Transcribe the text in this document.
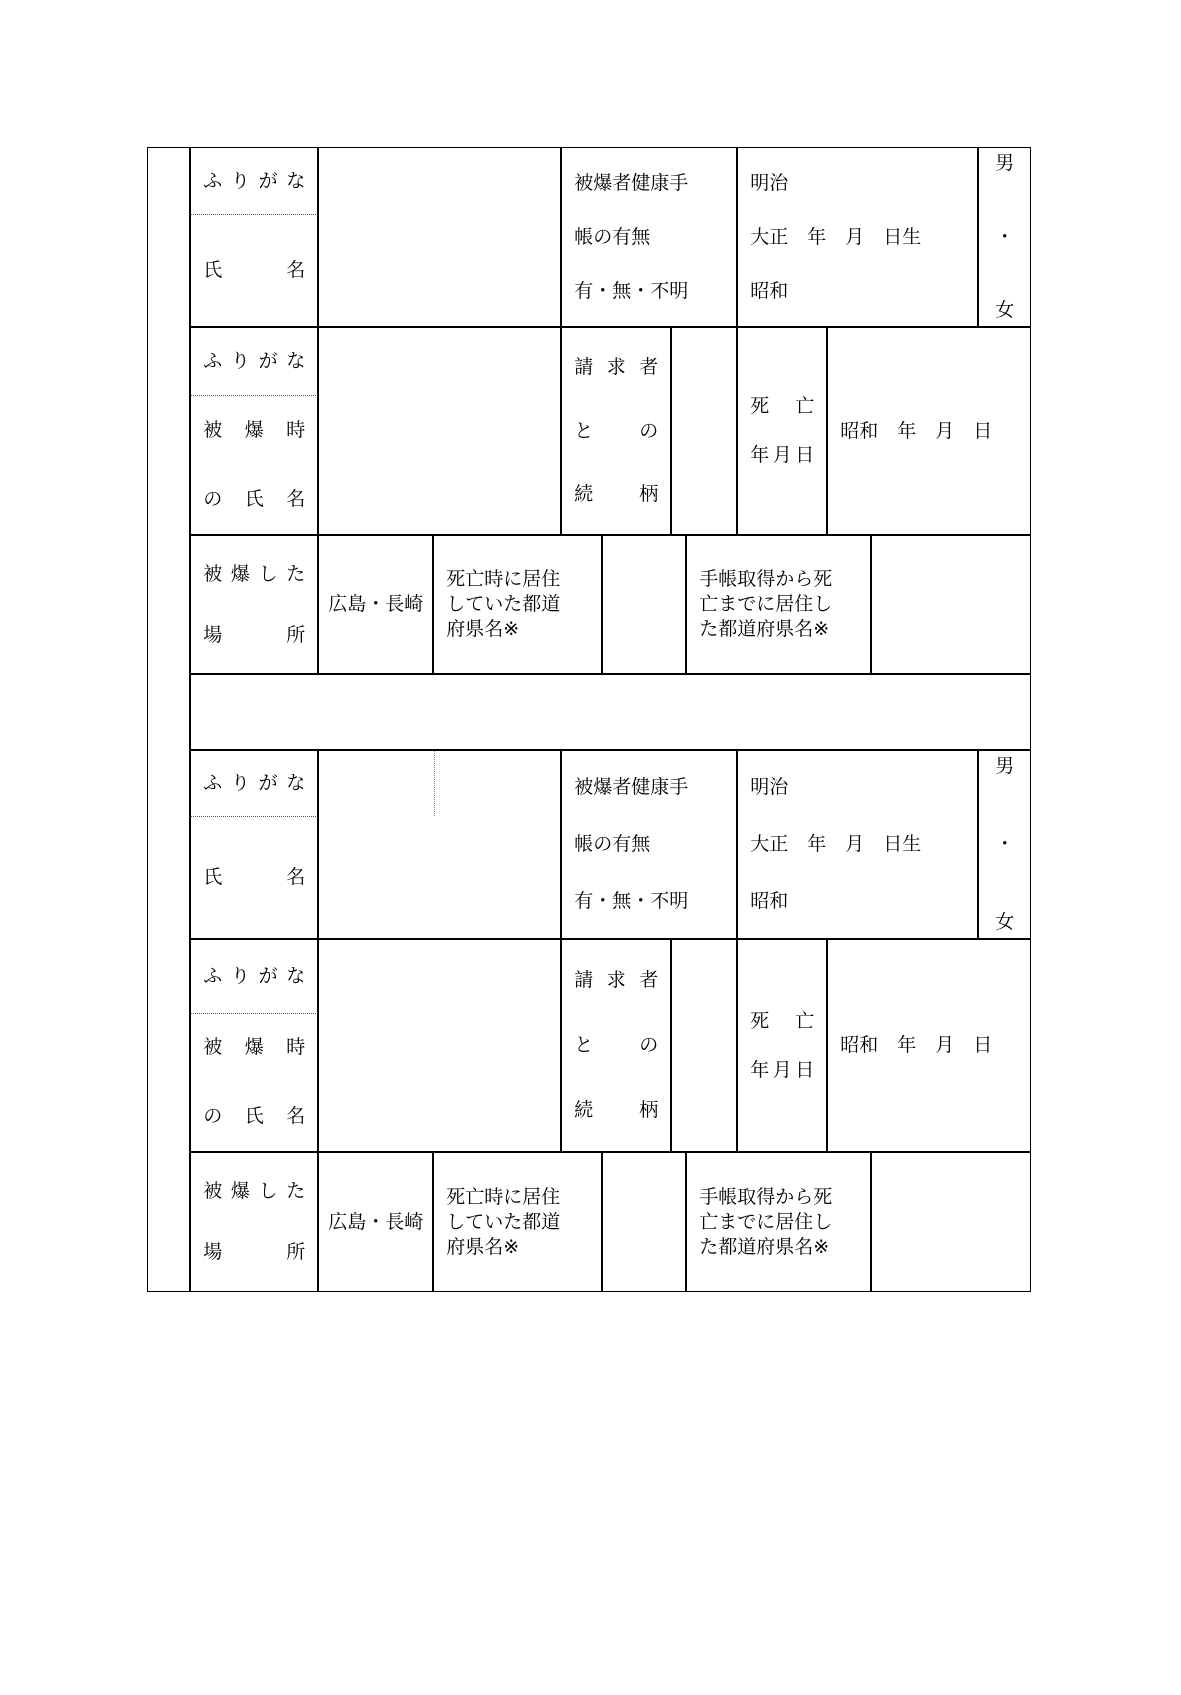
ふりがな
氏名
被爆者健康手
帳の有無
有・無・不明
明治
大正　年　月　日生
昭和
男
・
女
ふりがな
被爆時
の氏名
請求者
との
続柄
死亡
年月日
昭和　年　月　日
被爆した
場所
広島・長崎
死亡時に居住
していた都道
府県名※
手帳取得から死
亡までに居住し
た都道府県名※
ふりがな
氏名
被爆者健康手
帳の有無
有・無・不明
明治
大正　年　月　日生
昭和
男
・
女
ふりがな
被爆時
の氏名
請求者
との
続柄
死亡
年月日
昭和　年　月　日
被爆した
場所
広島・長崎
死亡時に居住
していた都道
府県名※
手帳取得から死
亡までに居住し
た都道府県名※
